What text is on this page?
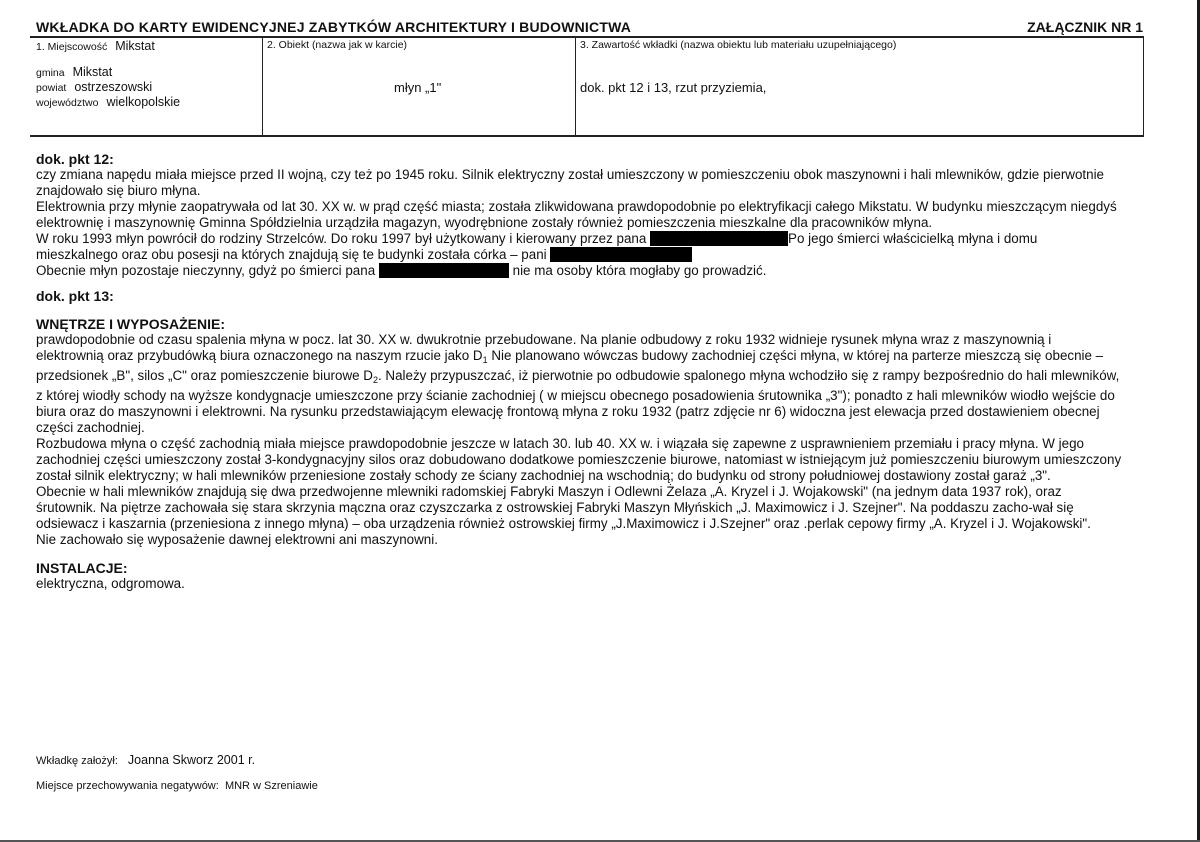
WKŁADKA DO KARTY EWIDENCYJNEJ ZABYTKÓW ARCHITEKTURY I BUDOWNICTWA	ZAŁĄCZNIK NR 1
1. Miejscowość Mikstat
gmina Mikstat
powiat ostrzeszowski
województwo wielkopolskie
2. Obiekt (nazwa jak w karcie)
młyn „1"
3. Zawartość wkładki (nazwa obiektu lub materiału uzupełniającego)
dok. pkt 12 i 13, rzut przyziemia,

dok. pkt 12:

czy zmiana napędu miała miejsce przed II wojną, czy też po 1945 roku. Silnik elektryczny został umieszczony w pomieszczeniu obok maszynowni i hali mlewników, gdzie pierwotnie znajdowało się biuro młyna.

Elektrownia przy młynie zaopatrywała od lat 30. XX w. w prąd część miasta; została zlikwidowana prawdopodobnie po elektryfikacji całego Mikstatu. W budynku mieszczącym niegdyś elektrownię i maszynownię Gminna Spółdzielnia urządziła magazyn, wyodrębnione zostały również pomieszczenia mieszkalne dla pracowników młyna.

W roku 1993 młyn powrócił do rodziny Strzelców. Do roku 1997 był użytkowany i kierowany przez pana	Po jego śmierci właścicielką młyna i domu mieszkalnego oraz obu posesji na których znajdują się te budynki została córka – pani

Obecnie młyn pozostaje nieczynny, gdyż po śmierci pana	nie ma osoby która mogłaby go prowadzić.

dok. pkt 13:

WNĘTRZE I WYPOSAŻENIE:

prawdopodobnie od czasu spalenia młyna w pocz. lat 30. XX w. dwukrotnie przebudowane. Na planie odbudowy z roku 1932 widnieje rysunek młyna wraz z maszynownią i elektrownią oraz przybudówką biura oznaczonego na naszym rzucie jako $D_1$ Nie planowano wówczas budowy zachodniej części młyna, w której na parterze mieszczą się obecnie – przedsionek „B", silos „C" oraz pomieszczenie biurowe $D_2$. Należy przypuszczać, iż pierwotnie po odbudowie spalonego młyna wchodziło się z rampy bezpośrednio do hali mlewników, z której wiodły schody na wyższe kondygnacje umieszczone przy ścianie zachodniej ( w miejscu obecnego posadowienia śrutownika „3"); ponadto z hali mlewników wiodło wejście do biura oraz do maszynowni i elektrowni. Na rysunku przedstawiającym elewację frontową młyna z roku 1932 (patrz zdjęcie nr 6) widoczna jest elewacja przed dostawieniem obecnej części zachodniej.

Rozbudowa młyna o część zachodnią miała miejsce prawdopodobnie jeszcze w latach 30. lub 40. XX w. i wiązała się zapewne z usprawnieniem przemiału i pracy młyna. W jego zachodniej części umieszczony został 3-kondygnacyjny silos oraz dobudowano dodatkowe pomieszczenie biurowe, natomiast w istniejącym już pomieszczeniu biurowym umieszczony został silnik elektryczny; w hali mlewników przeniesione zostały schody ze ściany zachodniej na wschodnią; do budynku od strony południowej dostawiony został garaż „3".

Obecnie w hali mlewników znajdują się dwa przedwojenne mlewniki radomskiej Fabryki Maszyn i Odlewni Żelaza „A. Kryzel i J. Wojakowski" (na jednym data 1937 rok), oraz śrutownik. Na piętrze zachowała się stara skrzynia mączna oraz czyszczarka z ostrowskiej Fabryki Maszyn Młyńskich „J. Maximowicz i J. Szejner". Na poddaszu zacho-wał się odsiewacz i kaszarnia (przeniesiona z innego młyna) – oba urządzenia również ostrowskiej firmy „J.Maximowicz i J.Szejner" oraz .perlak cepowy firmy „A. Kryzel i J. Wojakowski".

Nie zachowało się wyposażenie dawnej elektrowni ani maszynowni.

INSTALACJE:

elektryczna, odgromowa.

Wkładkę założył: Joanna Skworz 2001 r.
Miejsce przechowywania negatywów: MNR w Szreniawie
